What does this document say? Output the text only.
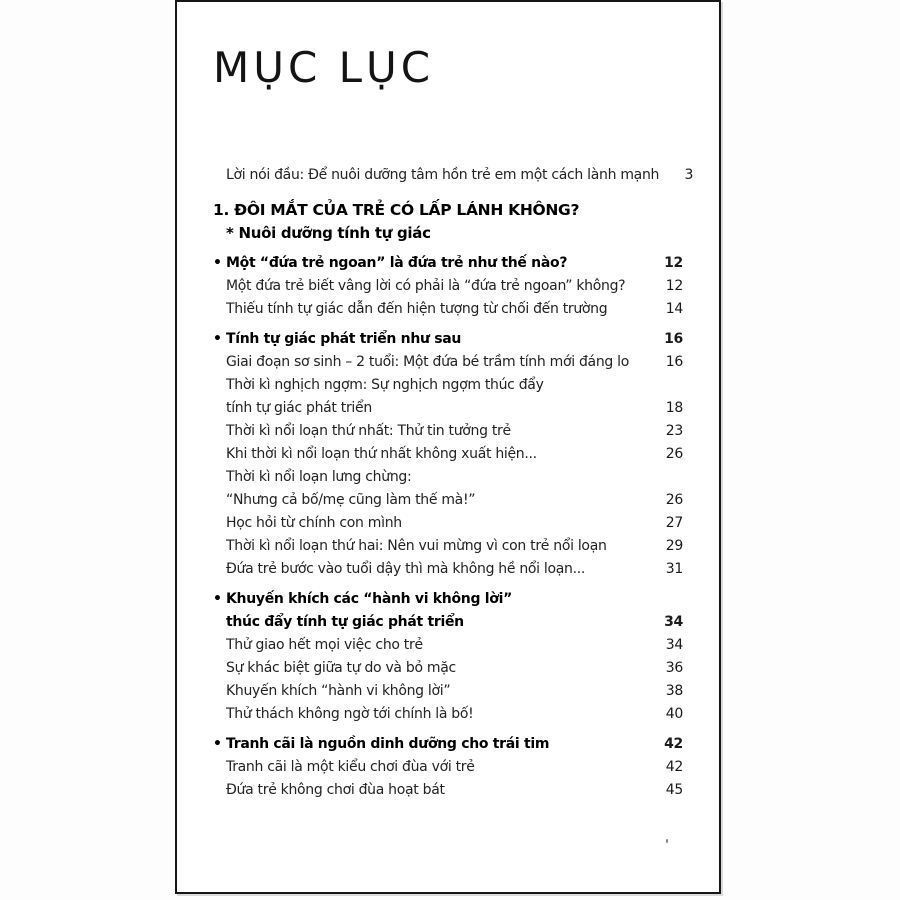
MỤC LỤC
Lời nói đầu: Để nuôi dưỡng tâm hồn trẻ em một cách lành mạnh	3
1. ĐÔI MẮT CỦA TRẺ CÓ LẤP LÁNH KHÔNG?
* Nuôi dưỡng tính tự giác
• Một “đứa trẻ ngoan” là đứa trẻ như thế nào?	12
Một đứa trẻ biết vâng lời có phải là “đứa trẻ ngoan” không?	12
Thiếu tính tự giác dẫn đến hiện tượng từ chối đến trường	14
• Tính tự giác phát triển như sau	16
Giai đoạn sơ sinh – 2 tuổi: Một đứa bé trầm tính mới đáng lo	16
Thời kì nghịch ngợm: Sự nghịch ngợm thúc đẩy
tính tự giác phát triển	18
Thời kì nổi loạn thứ nhất: Thử tin tưởng trẻ	23
Khi thời kì nổi loạn thứ nhất không xuất hiện...	26
Thời kì nổi loạn lưng chừng:
“Nhưng cả bố/mẹ cũng làm thế mà!”	26
Học hỏi từ chính con mình	27
Thời kì nổi loạn thứ hai: Nên vui mừng vì con trẻ nổi loạn	29
Đứa trẻ bước vào tuổi dậy thì mà không hề nổi loạn...	31
• Khuyến khích các “hành vi không lời”
thúc đẩy tính tự giác phát triển	34
Thử giao hết mọi việc cho trẻ	34
Sự khác biệt giữa tự do và bỏ mặc	36
Khuyến khích “hành vi không lời”	38
Thử thách không ngờ tới chính là bố!	40
• Tranh cãi là nguồn dinh dưỡng cho trái tim	42
Tranh cãi là một kiểu chơi đùa với trẻ	42
Đứa trẻ không chơi đùa hoạt bát	45
